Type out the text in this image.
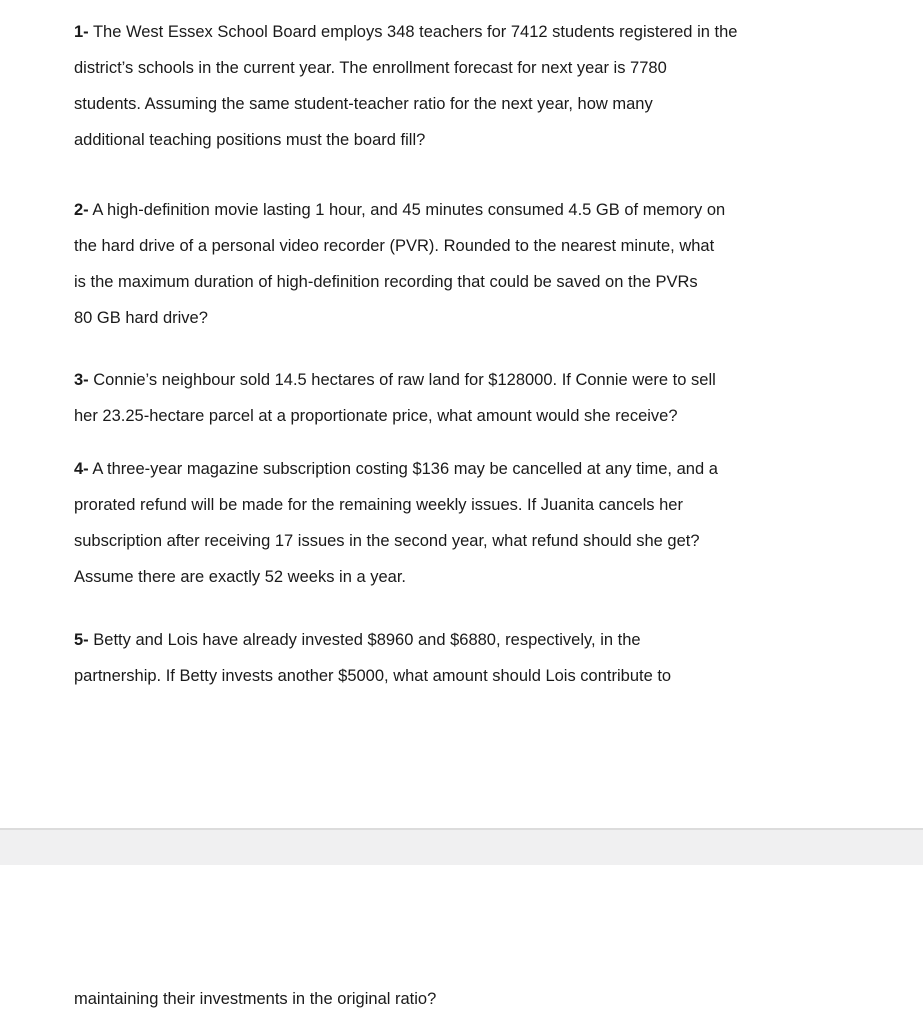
1- The West Essex School Board employs 348 teachers for 7412 students registered in the
district’s schools in the current year. The enrollment forecast for next year is 7780
students. Assuming the same student-teacher ratio for the next year, how many
additional teaching positions must the board fill?
2- A high-definition movie lasting 1 hour, and 45 minutes consumed 4.5 GB of memory on
the hard drive of a personal video recorder (PVR). Rounded to the nearest minute, what
is the maximum duration of high-definition recording that could be saved on the PVRs
80 GB hard drive?
3- Connie’s neighbour sold 14.5 hectares of raw land for $128000. If Connie were to sell
her 23.25-hectare parcel at a proportionate price, what amount would she receive?
4- A three-year magazine subscription costing $136 may be cancelled at any time, and a
prorated refund will be made for the remaining weekly issues. If Juanita cancels her
subscription after receiving 17 issues in the second year, what refund should she get?
Assume there are exactly 52 weeks in a year.
5- Betty and Lois have already invested $8960 and $6880, respectively, in the
partnership. If Betty invests another $5000, what amount should Lois contribute to
maintaining their investments in the original ratio?
